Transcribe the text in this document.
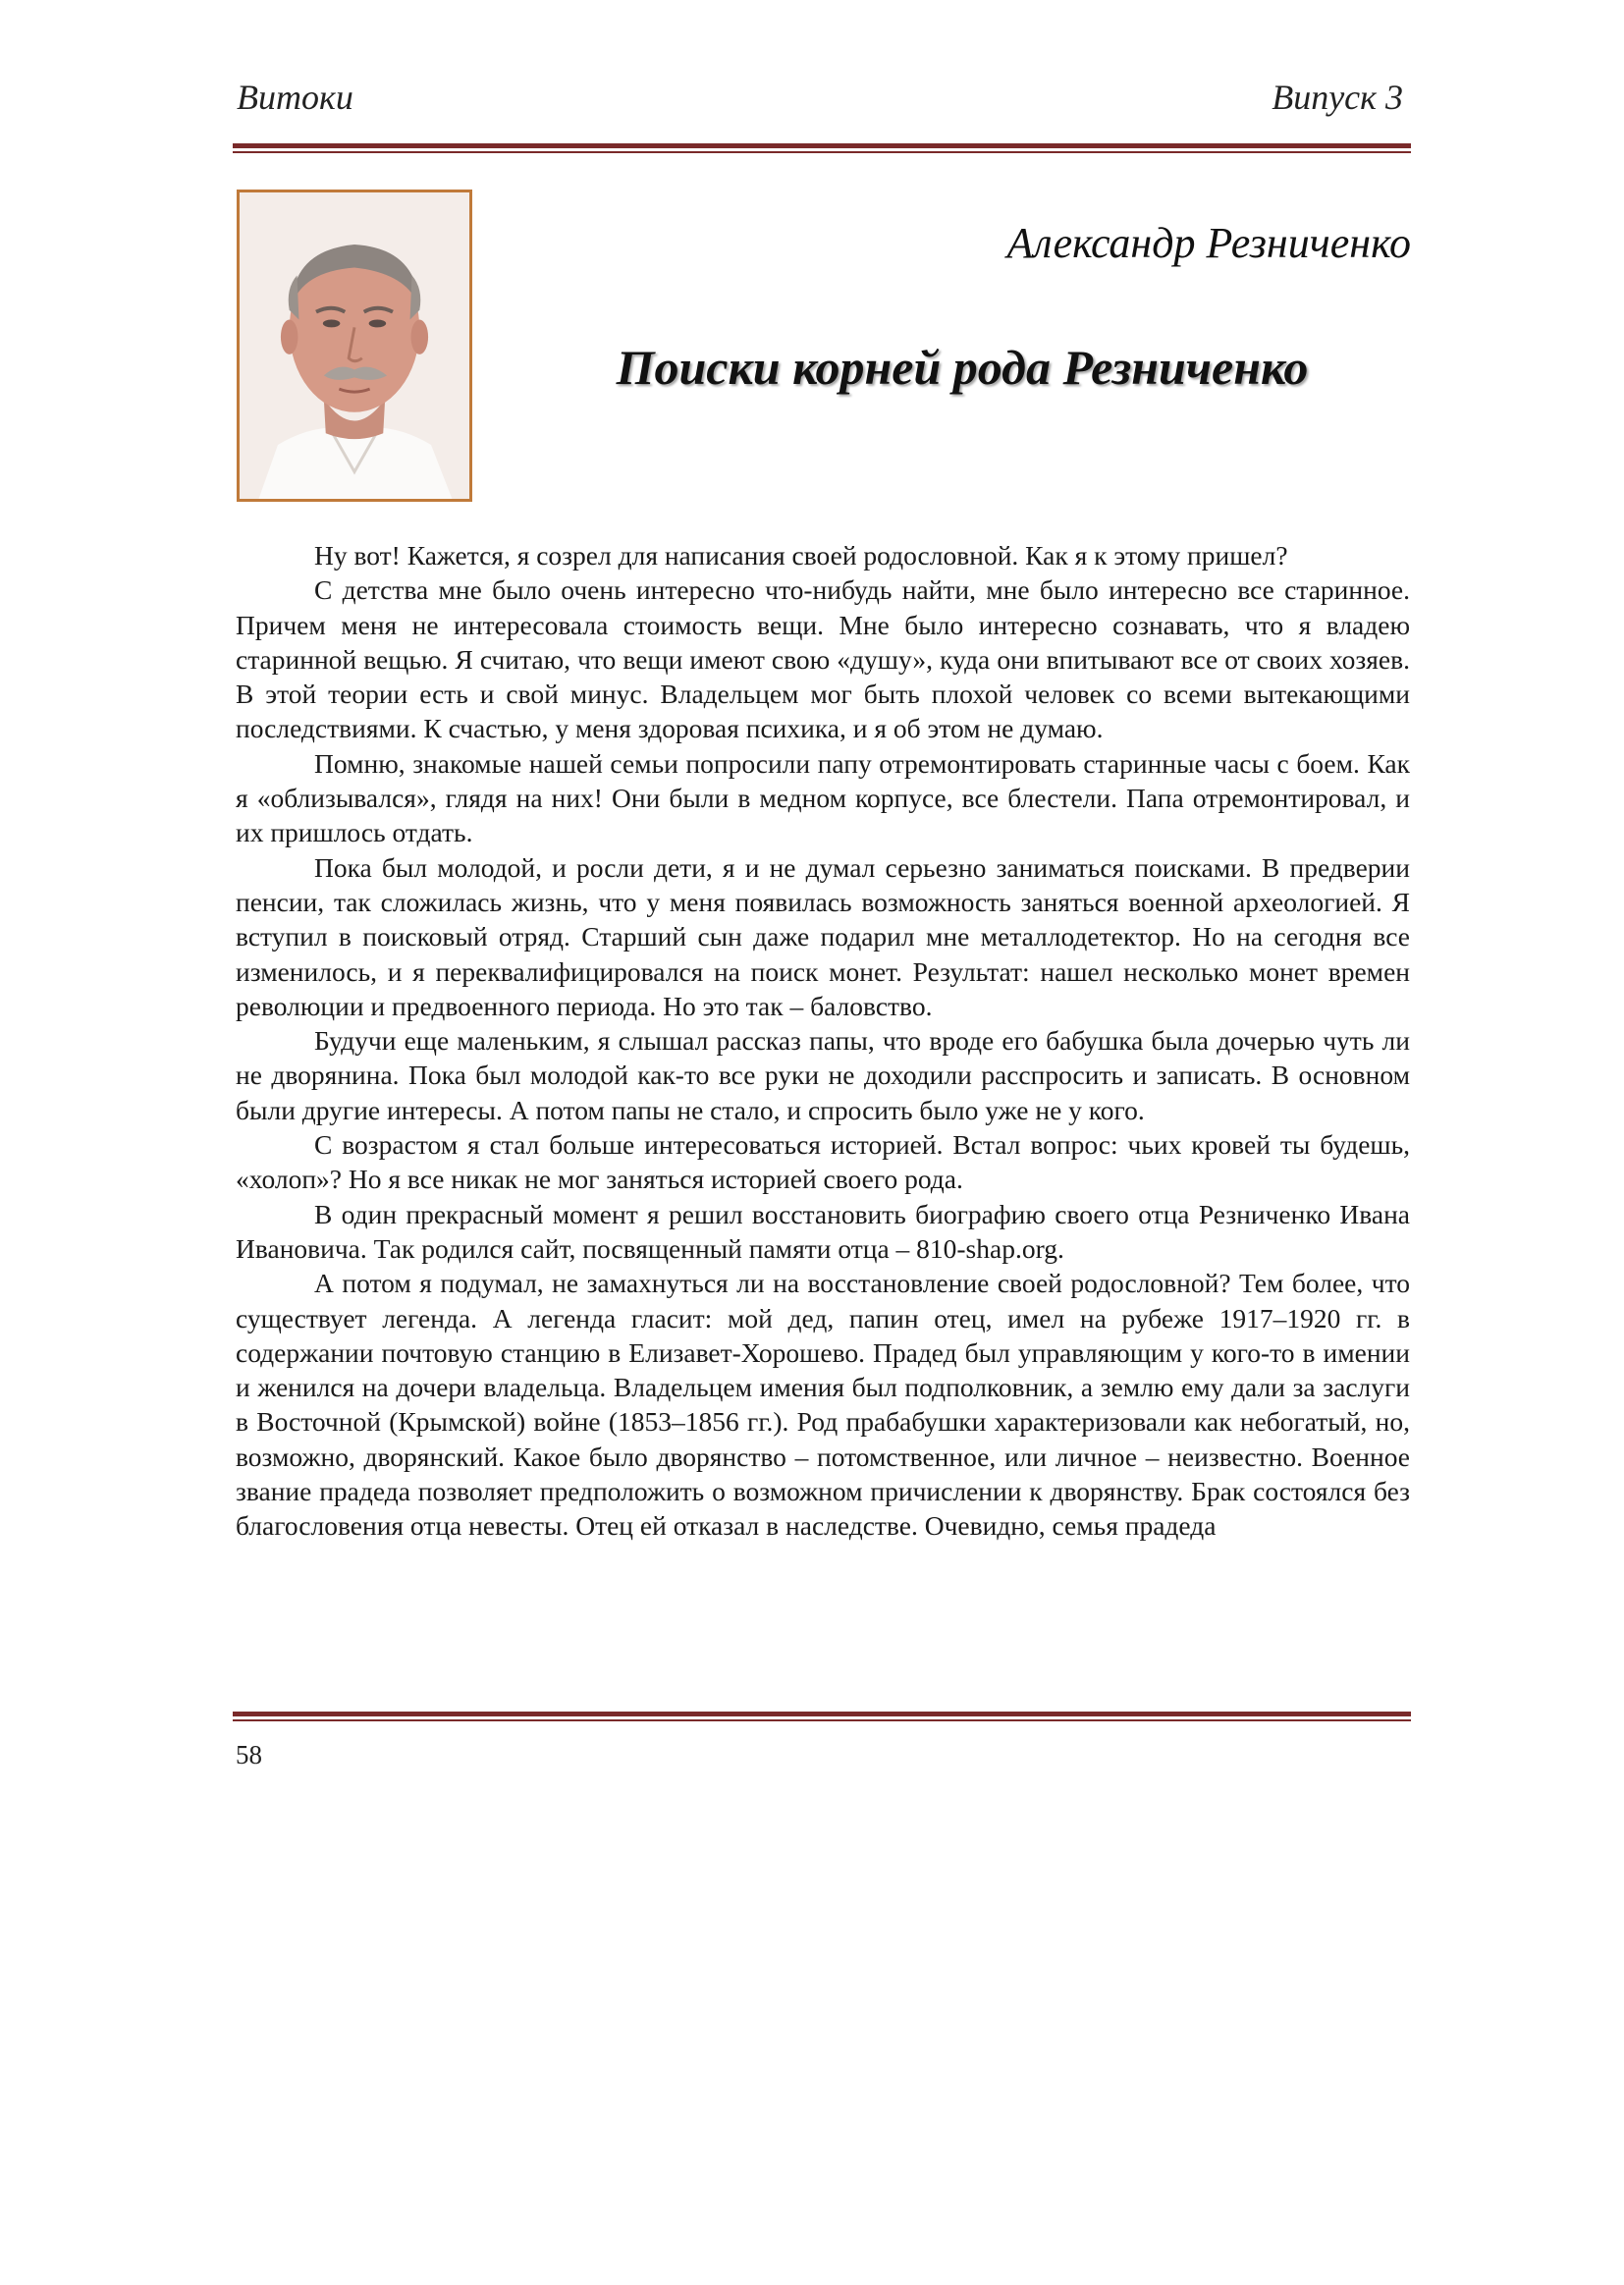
Витоки	Випуск 3
Александр Резниченко
Поиски корней рода Резниченко

Ну вот! Кажется, я созрел для написания своей родословной. Как я к этому пришел?

С детства мне было очень интересно что-нибудь найти, мне было интересно все старинное. Причем меня не интересовала стоимость вещи. Мне было интересно сознавать, что я владею старинной вещью. Я считаю, что вещи имеют свою «душу», куда они впитывают все от своих хозяев. В этой теории есть и свой минус. Владельцем мог быть плохой человек со всеми вытекающими последствиями. К счастью, у меня здоровая психика, и я об этом не думаю.

Помню, знакомые нашей семьи попросили папу отремонтировать старинные часы с боем. Как я «облизывался», глядя на них! Они были в медном корпусе, все блестели. Папа отремонтировал, и их пришлось отдать.

Пока был молодой, и росли дети, я и не думал серьезно заниматься поисками. В предверии пенсии, так сложилась жизнь, что у меня появилась возможность заняться военной археологией. Я вступил в поисковый отряд. Старший сын даже подарил мне металлодетектор. Но на сегодня все изменилось, и я переквалифицировался на поиск монет. Результат: нашел несколько монет времен революции и предвоенного периода. Но это так – баловство.

Будучи еще маленьким, я слышал рассказ папы, что вроде его бабушка была дочерью чуть ли не дворянина. Пока был молодой как-то все руки не доходили расспросить и записать. В основном были другие интересы. А потом папы не стало, и спросить было уже не у кого.

С возрастом я стал больше интересоваться историей. Встал вопрос: чьих кровей ты будешь, «холоп»? Но я все никак не мог заняться историей своего рода.

В один прекрасный момент я решил восстановить биографию своего отца Резниченко Ивана Ивановича. Так родился сайт, посвященный памяти отца – 810-shap.org.

А потом я подумал, не замахнуться ли на восстановление своей родословной? Тем более, что существует легенда. А легенда гласит: мой дед, папин отец, имел на рубеже 1917–1920 гг. в содержании почтовую станцию в Елизавет-Хорошево. Прадед был управляющим у кого-то в имении и женился на дочери владельца. Владельцем имения был подполковник, а землю ему дали за заслуги в Восточной (Крымской) войне (1853–1856 гг.). Род прабабушки характеризовали как небогатый, но, возможно, дворянский. Какое было дворянство – потомственное, или личное – неизвестно. Военное звание прадеда позволяет предположить о возможном причислении к дворянству. Брак состоялся без благословения отца невесты. Отец ей отказал в наследстве. Очевидно, семья прадеда

58
